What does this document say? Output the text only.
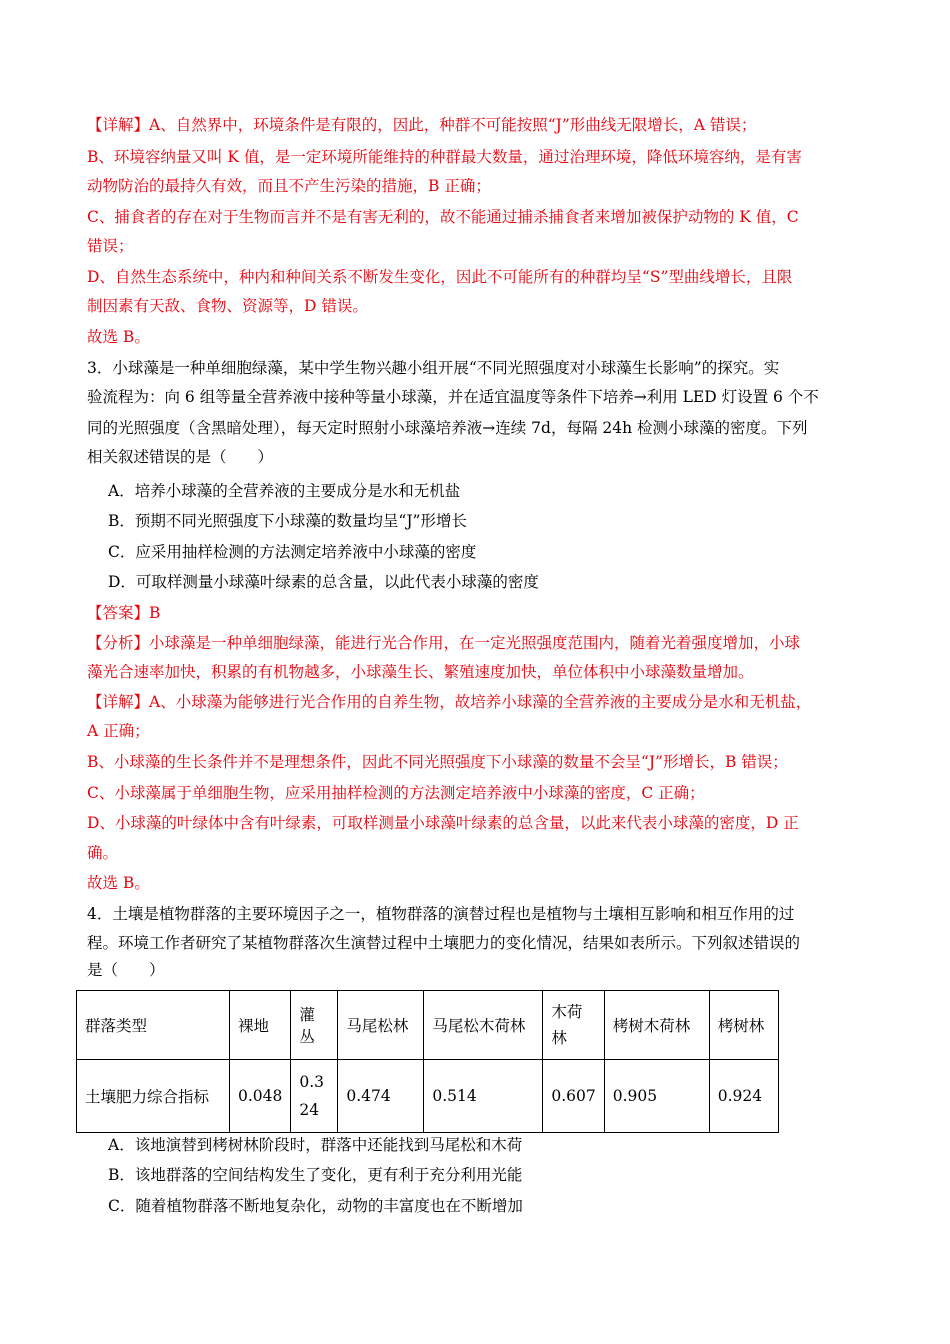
【详解】A、自然界中，环境条件是有限的，因此，种群不可能按照“J”形曲线无限增长，A 错误；
B、环境容纳量又叫 K 值，是一定环境所能维持的种群最大数量，通过治理环境，降低环境容纳，是有害
动物防治的最持久有效，而且不产生污染的措施，B 正确；
C、捕食者的存在对于生物而言并不是有害无利的，故不能通过捕杀捕食者来增加被保护动物的 K 值，C
错误；
D、自然生态系统中，种内和种间关系不断发生变化，因此不可能所有的种群均呈“S”型曲线增长，且限
制因素有天敌、食物、资源等，D 错误。
故选 B。
3．小球藻是一种单细胞绿藻，某中学生物兴趣小组开展“不同光照强度对小球藻生长影响”的探究。实
验流程为：向 6 组等量全营养液中接种等量小球藻，并在适宜温度等条件下培养→利用 LED 灯设置 6 个不
同的光照强度（含黑暗处理），每天定时照射小球藻培养液→连续 7d，每隔 24h 检测小球藻的密度。下列
相关叙述错误的是（　　）
A．培养小球藻的全营养液的主要成分是水和无机盐
B．预期不同光照强度下小球藻的数量均呈“J”形增长
C．应采用抽样检测的方法测定培养液中小球藻的密度
D．可取样测量小球藻叶绿素的总含量，以此代表小球藻的密度
【答案】B
【分析】小球藻是一种单细胞绿藻，能进行光合作用，在一定光照强度范围内，随着光着强度增加，小球
藻光合速率加快，积累的有机物越多，小球藻生长、繁殖速度加快，单位体积中小球藻数量增加。
【详解】A、小球藻为能够进行光合作用的自养生物，故培养小球藻的全营养液的主要成分是水和无机盐，
A 正确；
B、小球藻的生长条件并不是理想条件，因此不同光照强度下小球藻的数量不会呈“J”形增长，B 错误；
C、小球藻属于单细胞生物，应采用抽样检测的方法测定培养液中小球藻的密度，C 正确；
D、小球藻的叶绿体中含有叶绿素，可取样测量小球藻叶绿素的总含量，以此来代表小球藻的密度，D 正
确。
故选 B。
4．土壤是植物群落的主要环境因子之一，植物群落的演替过程也是植物与土壤相互影响和相互作用的过
程。环境工作者研究了某植物群落次生演替过程中土壤肥力的变化情况，结果如表所示。下列叙述错误的
是（　　）
群落类型	裸地	灌丛	马尾松林	马尾松木荷林	木荷林	栲树木荷林	栲树林
土壤肥力综合指标	0.048	0.324	0.474	0.514	0.607	0.905	0.924
A．该地演替到栲树林阶段时，群落中还能找到马尾松和木荷
B．该地群落的空间结构发生了变化，更有利于充分利用光能
C．随着植物群落不断地复杂化，动物的丰富度也在不断增加
